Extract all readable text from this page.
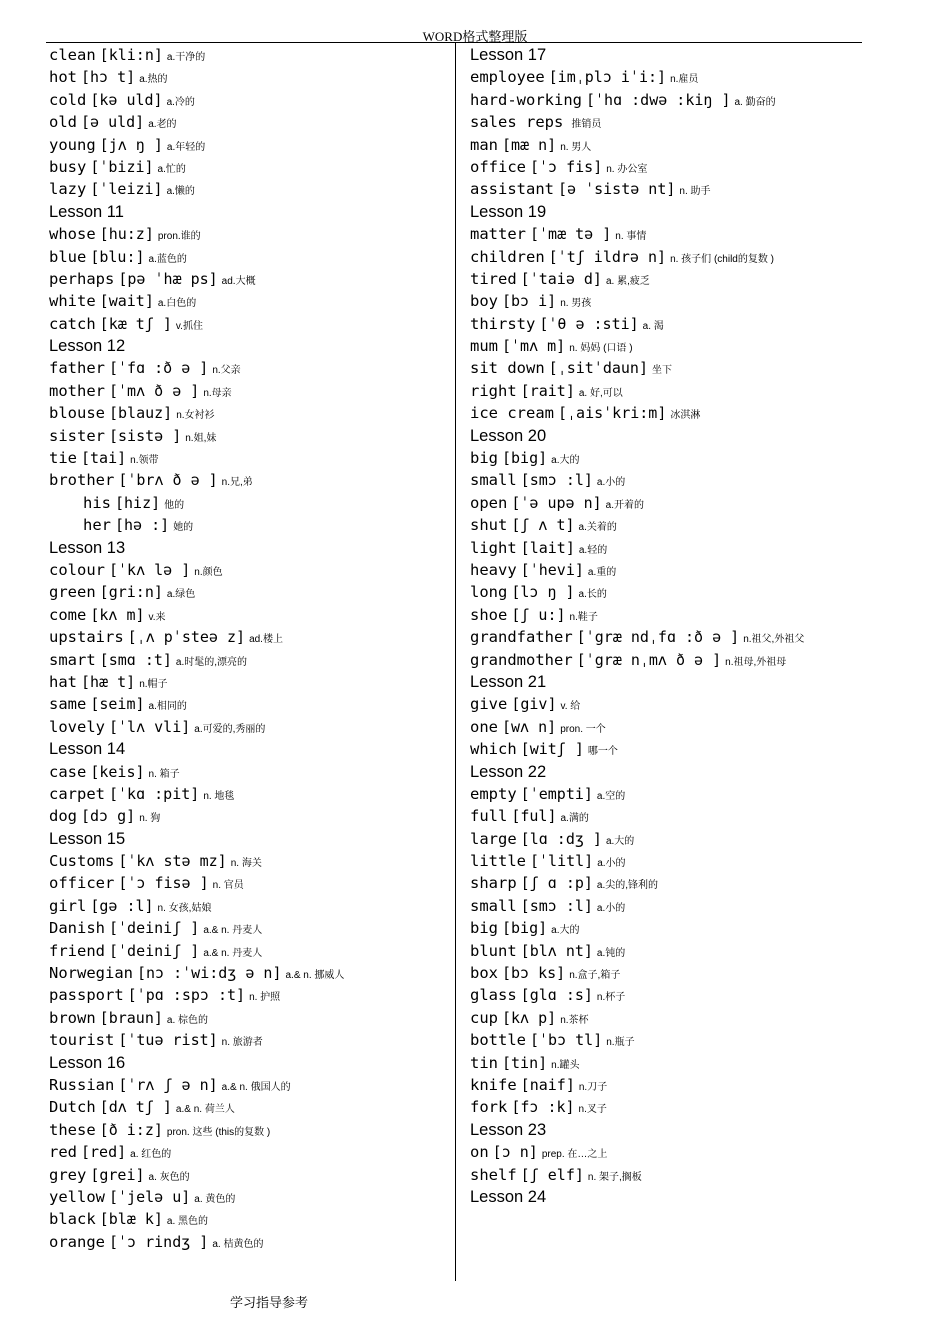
WORD格式整理版
clean [kli:n] a.干净的
hot [hɔ t] a.热的
cold [kə uld] a.冷的
old [ə uld] a.老的
young [jʌ ŋ ] a.年轻的
busy [ˈbizi] a.忙的
lazy [ˈleizi] a.懒的
Lesson 11
whose [hu:z] pron.谁的
blue [blu:] a.蓝色的
perhaps [pə ˈhæ ps] ad.大概
white [wait] a.白色的
catch [kæ tʃ ] v.抓住
Lesson 12
father [ˈfɑ :ð ə ] n.父亲
mother [ˈmʌ ð ə ] n.母亲
blouse [blauz] n.女衬衫
sister [sistə ] n.姐,妹
tie [tai] n.领带
brother [ˈbrʌ ð ə ] n.兄,弟
his [hiz] 他的
her [hə :] 她的
Lesson 13
colour [ˈkʌ lə ] n.颜色
green [gri:n] a.绿色
come [kʌ m] v.来
upstairs [ˌʌ pˈsteə z] ad.楼上
smart [smɑ :t] a.时髦的,漂亮的
hat [hæ t] n.帽子
same [seim] a.相同的
lovely [ˈlʌ vli] a.可爱的,秀丽的
Lesson 14
case [keis] n. 箱子
carpet [ˈkɑ :pit] n. 地毯
dog [dɔ g] n. 狗
Lesson 15
Customs [ˈkʌ stə mz] n. 海关
officer [ˈɔ fisə ] n. 官员
girl [gə :l] n. 女孩,姑娘
Danish [ˈdeiniʃ ] a.& n. 丹麦人
friend [ˈdeiniʃ ] a.& n. 丹麦人
Norwegian [nɔ :ˈwi:dʒ ə n] a.& n. 挪威人
passport [ˈpɑ :spɔ :t] n. 护照
brown [braun] a. 棕色的
tourist [ˈtuə rist] n. 旅游者
Lesson 16
Russian [ˈrʌ ʃ ə n] a.& n. 俄国人的
Dutch [dʌ tʃ ] a.& n. 荷兰人
these [ð i:z] pron. 这些 (this的复数 )
red [red] a. 红色的
grey [grei] a. 灰色的
yellow [ˈjelə u] a. 黄色的
black [blæ k] a. 黑色的
orange [ˈɔ rindʒ ] a. 桔黄色的
Lesson 17
employee [imˌplɔ iˈi:] n.雇员
hard-working [ˈhɑ :dwə :kiŋ ] a. 勤奋的
sales reps 推销员
man [mæ n] n. 男人
office [ˈɔ fis] n. 办公室
assistant [ə ˈsistə nt] n. 助手
Lesson 19
matter [ˈmæ tə ] n. 事情
children [ˈtʃ ildrə n] n. 孩子们 (child的复数 )
tired [ˈtaiə d] a. 累,疲乏
boy [bɔ i] n. 男孩
thirsty [ˈθ ə :sti] a. 渴
mum [ˈmʌ m] n. 妈妈 (口语 )
sit down [ˌsitˈdaun] 坐下
right [rait] a. 好,可以
ice cream [ˌaisˈkri:m] 冰淇淋
Lesson 20
big [big] a.大的
small [smɔ :l] a.小的
open [ˈə upə n] a.开着的
shut [ʃ ʌ t] a.关着的
light [lait] a.轻的
heavy [ˈhevi] a.重的
long [lɔ ŋ ] a.长的
shoe [ʃ u:] n.鞋子
grandfather [ˈgræ ndˌfɑ :ð ə ] n.祖父,外祖父
grandmother [ˈgræ nˌmʌ ð ə ] n.祖母,外祖母
Lesson 21
give [giv] v. 给
one [wʌ n] pron. 一个
which [witʃ ] 哪一个
Lesson 22
empty [ˈempti] a.空的
full [ful] a.满的
large [lɑ :dʒ ] a.大的
little [ˈlitl] a.小的
sharp [ʃ ɑ :p] a.尖的,锋利的
small [smɔ :l] a.小的
big [big] a.大的
blunt [blʌ nt] a.钝的
box [bɔ ks] n.盒子,箱子
glass [glɑ :s] n.杯子
cup [kʌ p] n.茶杯
bottle [ˈbɔ tl] n.瓶子
tin [tin] n.罐头
knife [naif] n.刀子
fork [fɔ :k] n.叉子
Lesson 23
on [ɔ n] prep. 在…之上
shelf [ʃ elf] n. 架子,搁板
Lesson 24
学习指导参考
